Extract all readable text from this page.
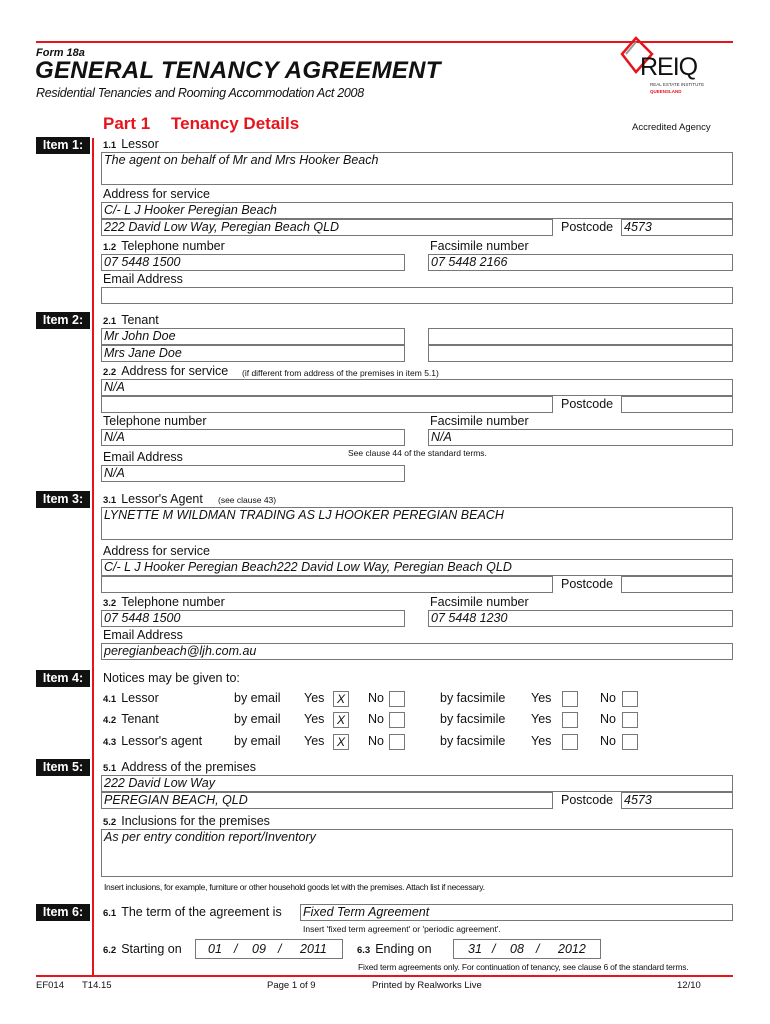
Form 18a
GENERAL TENANCY AGREEMENT
Residential Tenancies and Rooming Accommodation Act 2008
REIQ
REAL ESTATE INSTITUTE
QUEENSLAND
Part 1 Tenancy Details	Accredited Agency
Item 1:	1.1 Lessor
The agent on behalf of Mr and Mrs Hooker Beach
Address for service
C/- L J Hooker Peregian Beach
222 David Low Way, Peregian Beach QLD	Postcode 4573
1.2 Telephone number	Facsimile number
07 5448 1500	07 5448 2166
Email Address
Item 2:	2.1 Tenant
Mr John Doe
Mrs Jane Doe
2.2 Address for service (if different from address of the premises in item 5.1)
N/A
Postcode
Telephone number	Facsimile number
N/A	N/A
Email Address	See clause 44 of the standard terms.
N/A
Item 3:	3.1 Lessor's Agent (see clause 43)
LYNETTE M WILDMAN TRADING AS LJ HOOKER PEREGIAN BEACH
Address for service
C/- L J Hooker Peregian Beach222 David Low Way, Peregian Beach QLD
Postcode
3.2 Telephone number	Facsimile number
07 5448 1500	07 5448 1230
Email Address
peregianbeach@ljh.com.au
Item 4:	Notices may be given to:
4.1 Lessor	by email Yes	X	No	by facsimile Yes	No
4.2 Tenant	by email Yes	X	No	by facsimile Yes	No
4.3 Lessor's agent	by email Yes	X	No	by facsimile Yes	No
Item 5:	5.1 Address of the premises
222 David Low Way
PEREGIAN BEACH, QLD	Postcode 4573
5.2 Inclusions for the premises
As per entry condition report/Inventory
Insert inclusions, for example, furniture or other household goods let with the premises. Attach list if necessary.
Item 6:	6.1 The term of the agreement is Fixed Term Agreement
Insert 'fixed term agreement' or 'periodic agreement'.
6.2 Starting on 01 / 09 / 2011	6.3 Ending on	31 / 08 / 2012
Fixed term agreements only. For continuation of tenancy, see clause 6 of the standard terms.
EF014 T14.15	Page 1 of 9	Printed by Realworks Live	12/10
